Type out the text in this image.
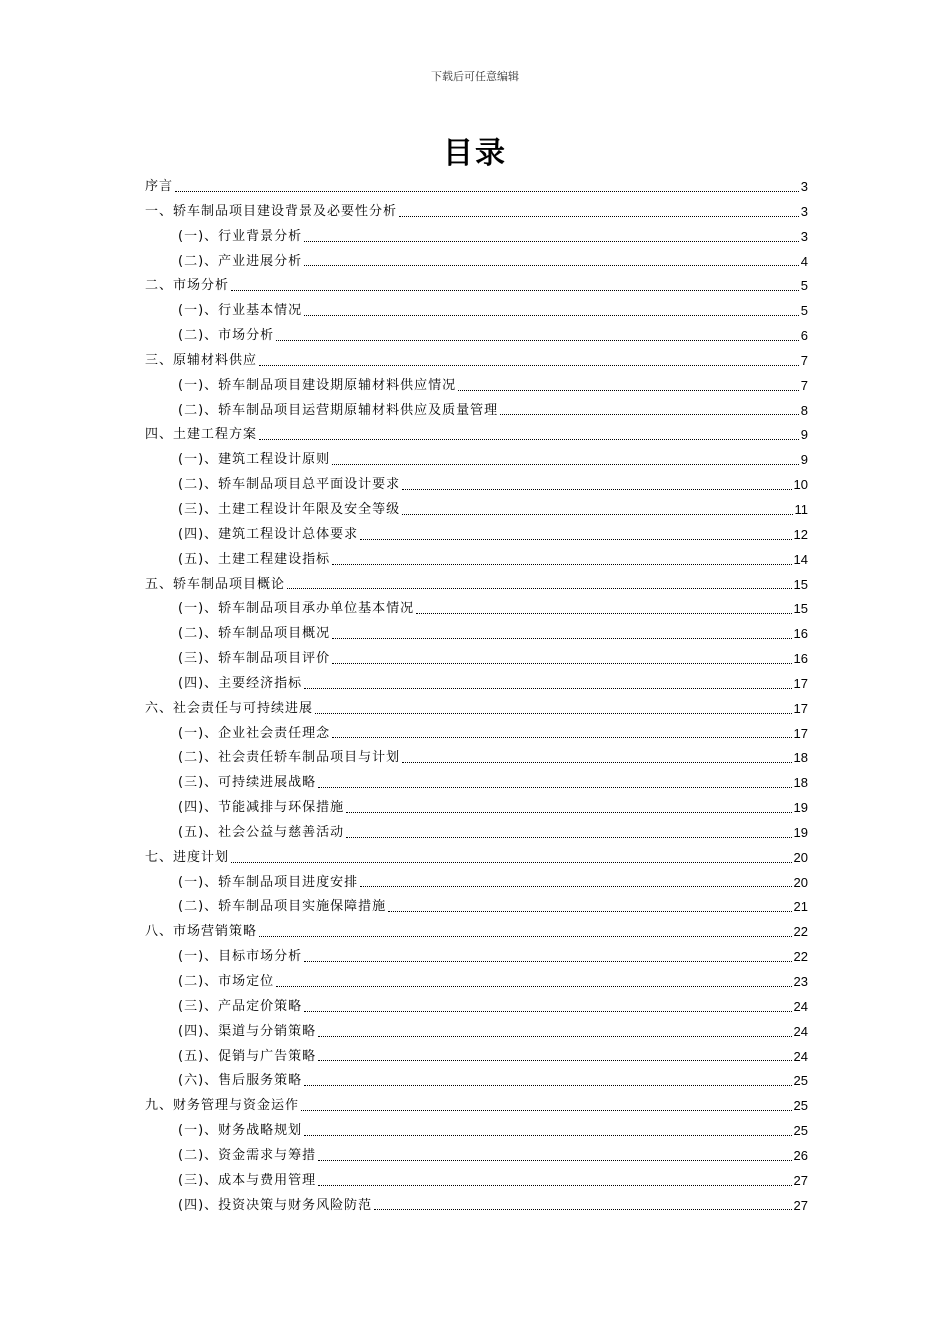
下载后可任意编辑
目录
序言	3
一、轿车制品项目建设背景及必要性分析	3
(一)、行业背景分析	3
(二)、产业进展分析	4
二、市场分析	5
(一)、行业基本情况	5
(二)、市场分析	6
三、原辅材料供应	7
(一)、轿车制品项目建设期原辅材料供应情况	7
(二)、轿车制品项目运营期原辅材料供应及质量管理	8
四、土建工程方案	9
(一)、建筑工程设计原则	9
(二)、轿车制品项目总平面设计要求	10
(三)、土建工程设计年限及安全等级	11
(四)、建筑工程设计总体要求	12
(五)、土建工程建设指标	14
五、轿车制品项目概论	15
(一)、轿车制品项目承办单位基本情况	15
(二)、轿车制品项目概况	16
(三)、轿车制品项目评价	16
(四)、主要经济指标	17
六、社会责任与可持续进展	17
(一)、企业社会责任理念	17
(二)、社会责任轿车制品项目与计划	18
(三)、可持续进展战略	18
(四)、节能减排与环保措施	19
(五)、社会公益与慈善活动	19
七、进度计划	20
(一)、轿车制品项目进度安排	20
(二)、轿车制品项目实施保障措施	21
八、市场营销策略	22
(一)、目标市场分析	22
(二)、市场定位	23
(三)、产品定价策略	24
(四)、渠道与分销策略	24
(五)、促销与广告策略	24
(六)、售后服务策略	25
九、财务管理与资金运作	25
(一)、财务战略规划	25
(二)、资金需求与筹措	26
(三)、成本与费用管理	27
(四)、投资决策与财务风险防范	27
